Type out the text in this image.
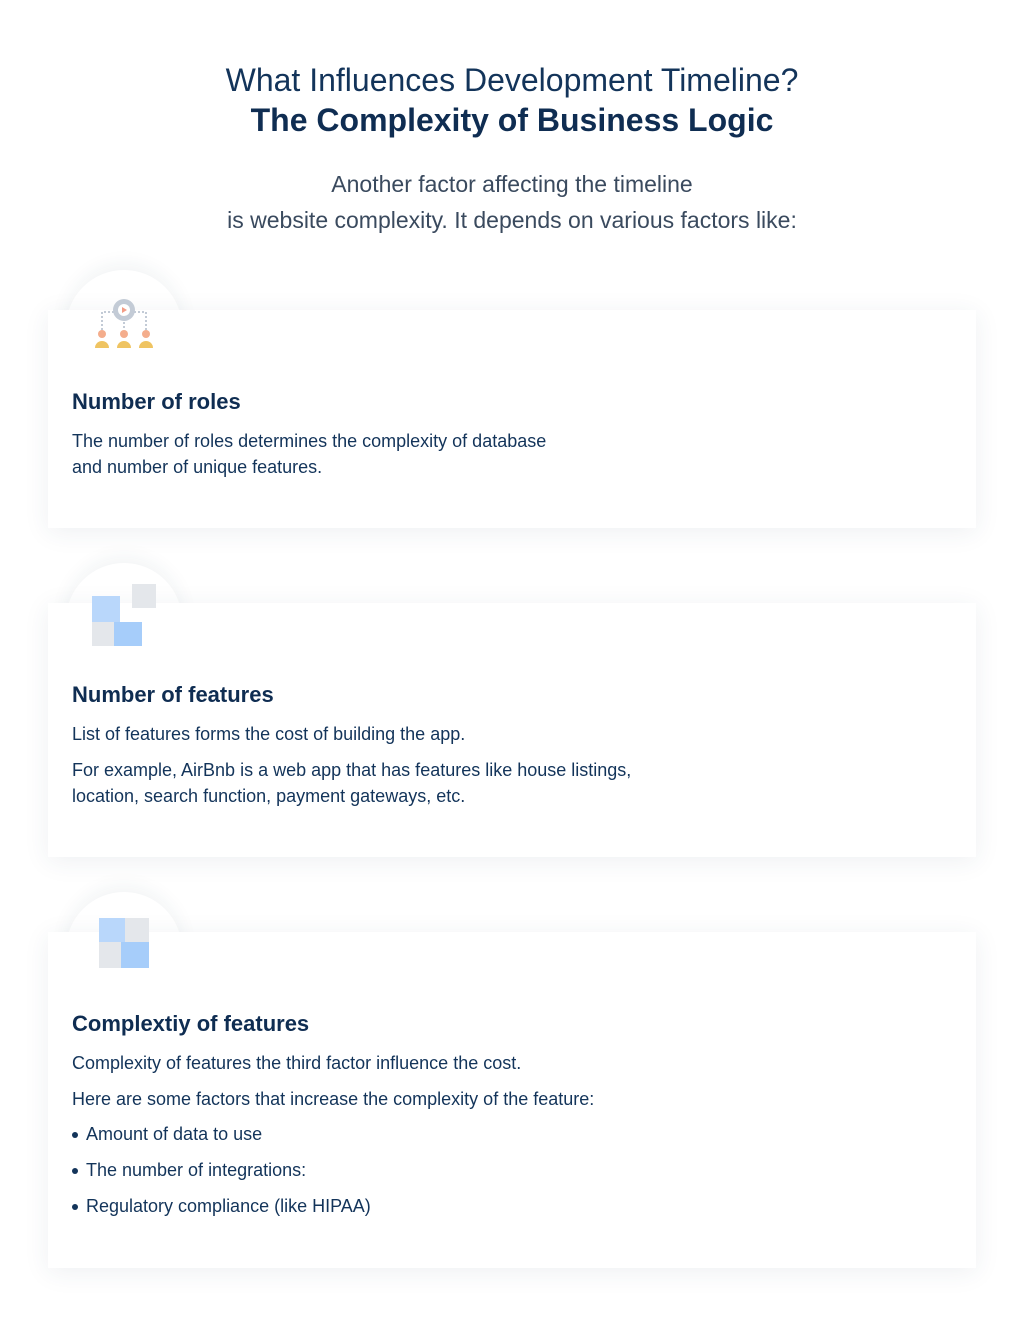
What Influences Development Timeline?
The Complexity of Business Logic
Another factor affecting the timeline
is website complexity. It depends on various factors like:
Number of roles
The number of roles determines the complexity of database
and number of unique features.
Number of features
List of features forms the cost of building the app.
For example, AirBnb is a web app that has features like house listings,
location, search function, payment gateways, etc.
Complextiy of features
Complexity of features the third factor influence the cost.
Here are some factors that increase the complexity of the feature:
Amount of data to use
The number of integrations:
Regulatory compliance (like HIPAA)
